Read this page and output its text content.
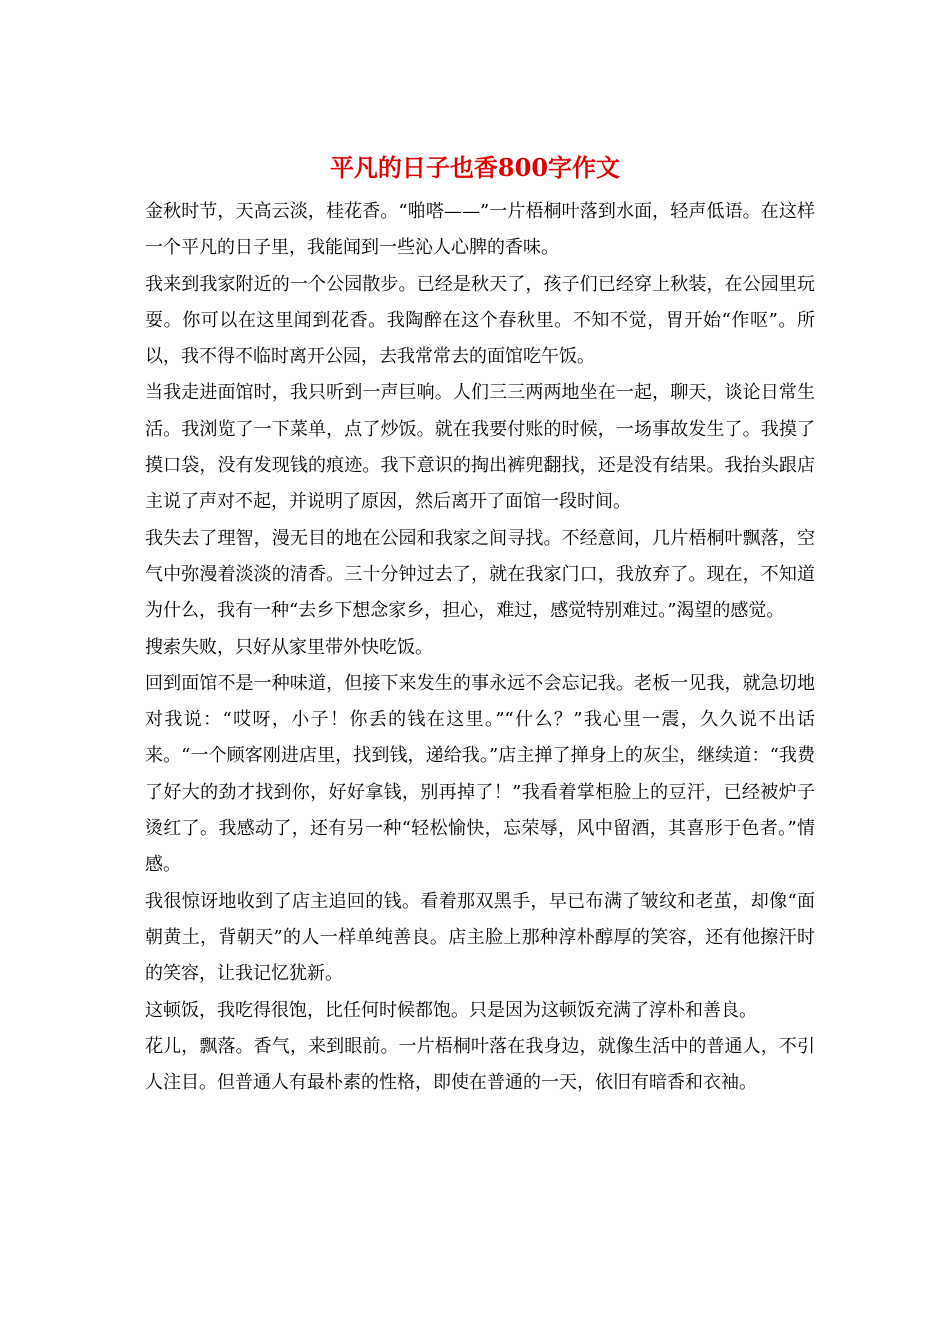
平凡的日子也香800字作文

金秋时节，天高云淡，桂花香。“啪嗒——”一片梧桐叶落到水面，轻声低语。在这样一个平凡的日子里，我能闻到一些沁人心脾的香味。

我来到我家附近的一个公园散步。已经是秋天了，孩子们已经穿上秋装，在公园里玩耍。你可以在这里闻到花香。我陶醉在这个春秋里。不知不觉，胃开始“作呕”。所以，我不得不临时离开公园，去我常常去的面馆吃午饭。

当我走进面馆时，我只听到一声巨响。人们三三两两地坐在一起，聊天，谈论日常生活。我浏览了一下菜单，点了炒饭。就在我要付账的时候，一场事故发生了。我摸了摸口袋，没有发现钱的痕迹。我下意识的掏出裤兜翻找，还是没有结果。我抬头跟店主说了声对不起，并说明了原因，然后离开了面馆一段时间。

我失去了理智，漫无目的地在公园和我家之间寻找。不经意间，几片梧桐叶飘落，空气中弥漫着淡淡的清香。三十分钟过去了，就在我家门口，我放弃了。现在，不知道为什么，我有一种“去乡下想念家乡，担心，难过，感觉特别难过。”渴望的感觉。

搜索失败，只好从家里带外快吃饭。

回到面馆不是一种味道，但接下来发生的事永远不会忘记我。老板一见我，就急切地对我说：“哎呀，小子！你丢的钱在这里。”“什么？”我心里一震，久久说不出话来。“一个顾客刚进店里，找到钱，递给我。”店主掸了掸身上的灰尘，继续道：“我费了好大的劲才找到你，好好拿钱，别再掉了！”我看着掌柜脸上的豆汗，已经被炉子烫红了。我感动了，还有另一种“轻松愉快，忘荣辱，风中留酒，其喜形于色者。”情感。

我很惊讶地收到了店主追回的钱。看着那双黑手，早已布满了皱纹和老茧，却像“面朝黄土，背朝天”的人一样单纯善良。店主脸上那种淳朴醇厚的笑容，还有他擦汗时的笑容，让我记忆犹新。

这顿饭，我吃得很饱，比任何时候都饱。只是因为这顿饭充满了淳朴和善良。

花儿，飘落。香气，来到眼前。一片梧桐叶落在我身边，就像生活中的普通人，不引人注目。但普通人有最朴素的性格，即使在普通的一天，依旧有暗香和衣袖。
